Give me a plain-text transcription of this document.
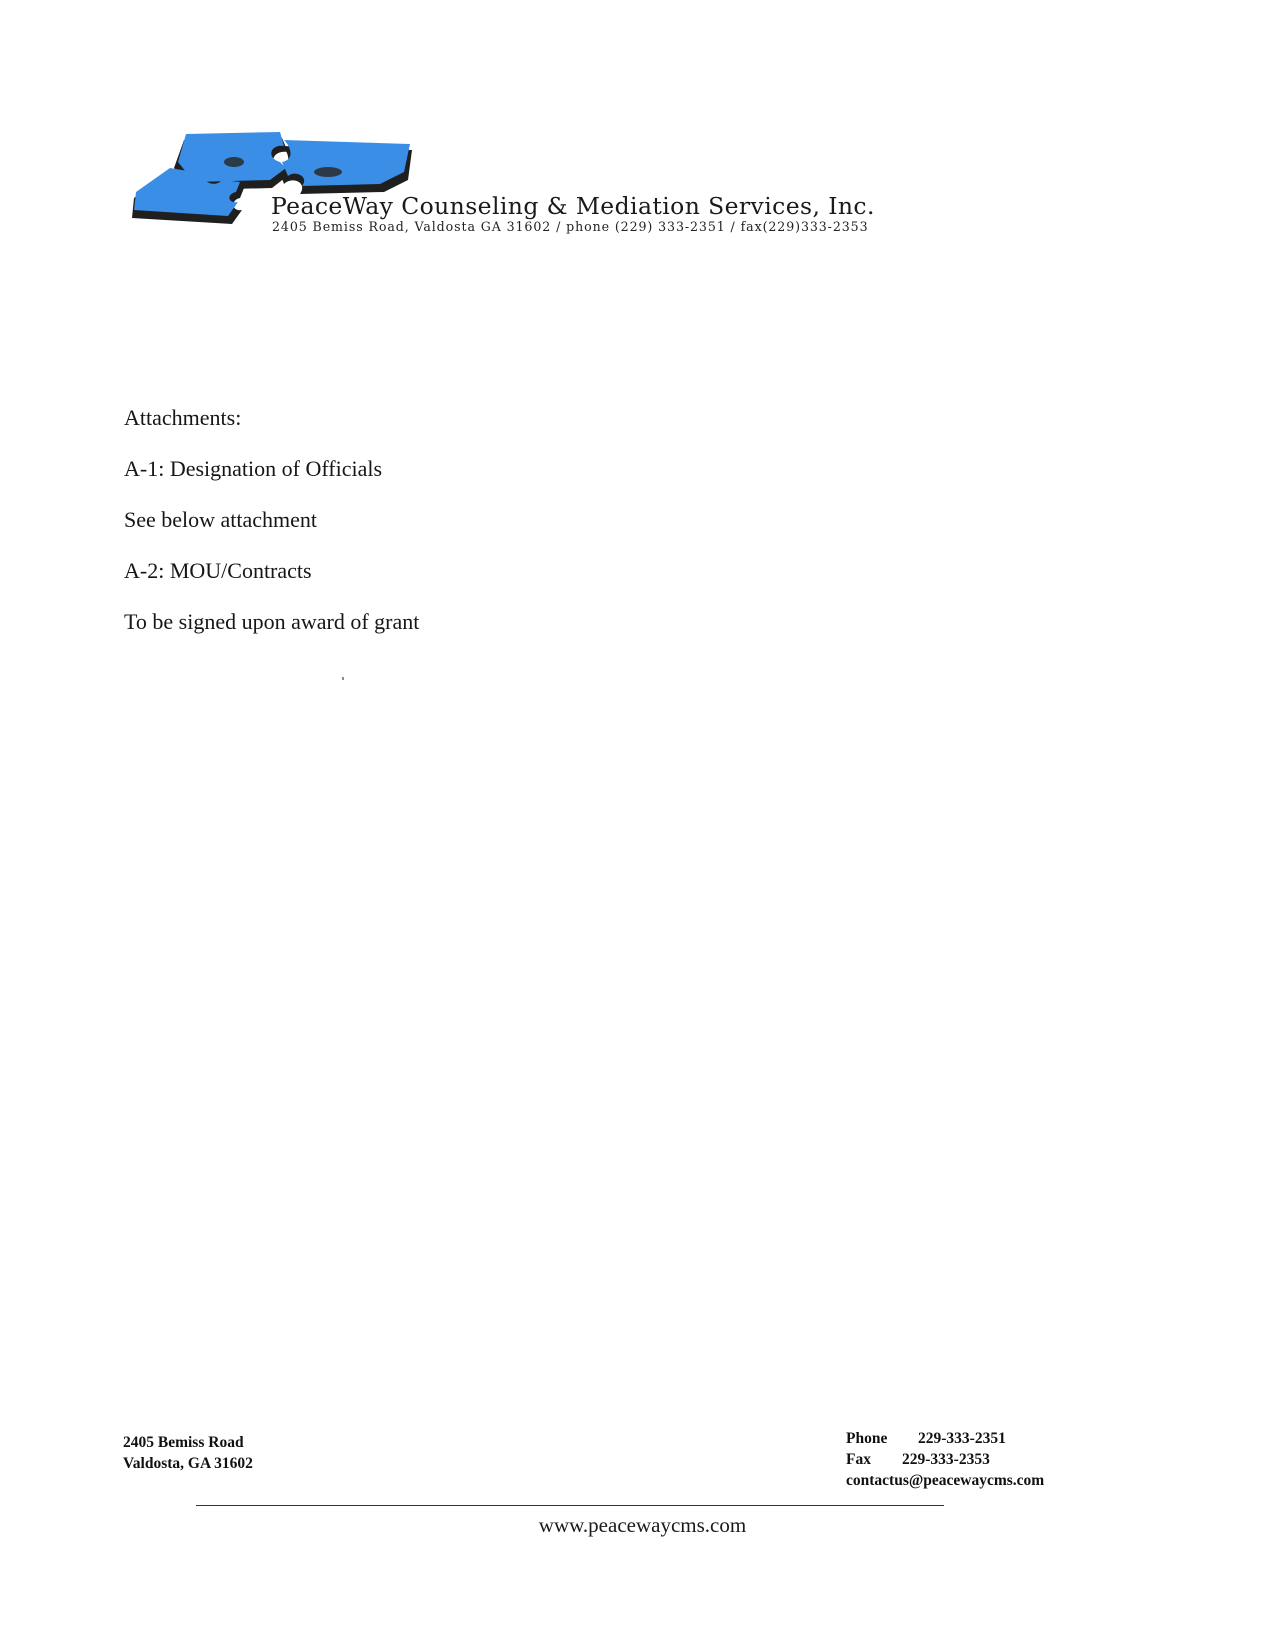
PeaceWay Counseling & Mediation Services, Inc.
2405 Bemiss Road, Valdosta GA 31602 / phone (229) 333-2351 / fax(229)333-2353
Attachments:
A-1: Designation of Officials
See below attachment
A-2: MOU/Contracts
To be signed upon award of grant
2405 Bemiss Road
Valdosta, GA 31602
Phone 229-333-2351
Fax 229-333-2353
contactus@peacewaycms.com
www.peacewaycms.com
